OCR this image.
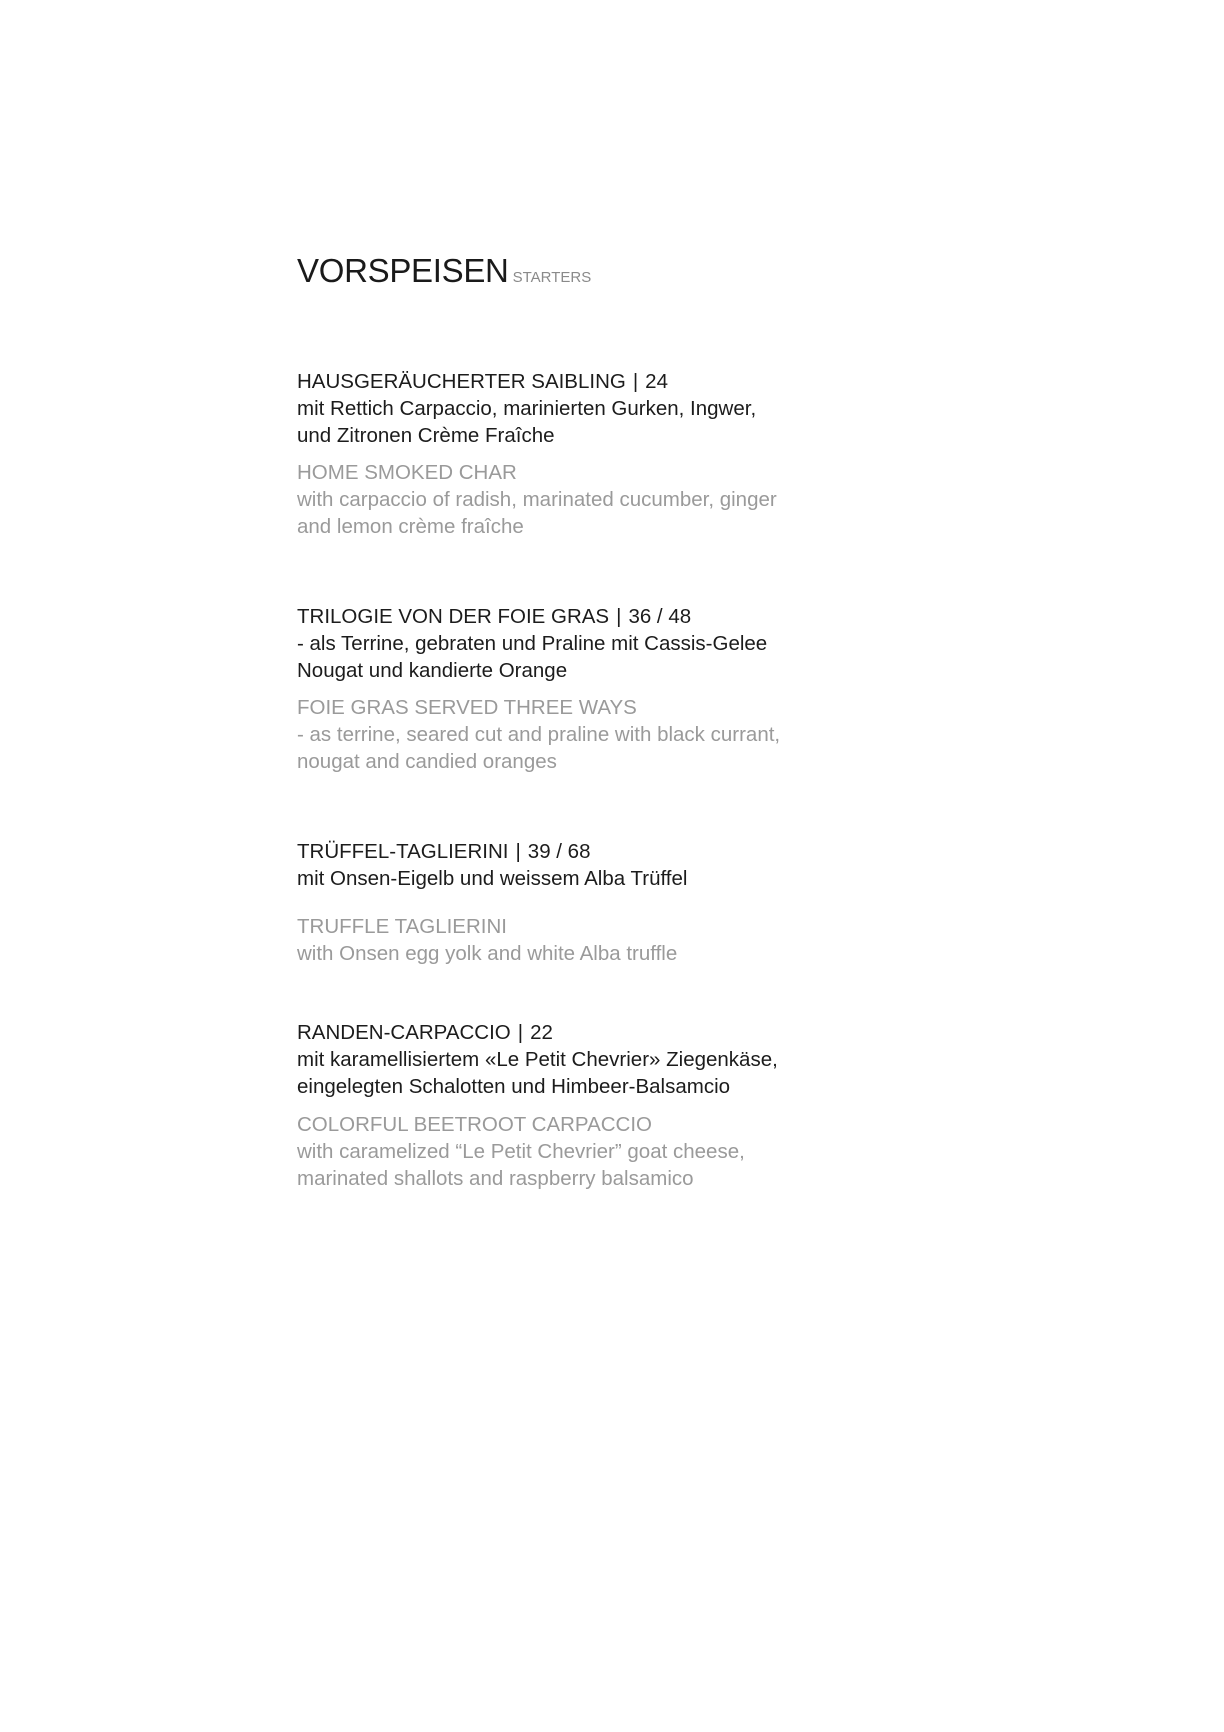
VORSPEISEN STARTERS
HAUSGERÄUCHERTER SAIBLING | 24
mit Rettich Carpaccio, marinierten Gurken, Ingwer,
und Zitronen Crème Fraîche
HOME SMOKED CHAR
with carpaccio of radish, marinated cucumber, ginger
and lemon crème fraîche
TRILOGIE VON DER FOIE GRAS | 36 / 48
- als Terrine, gebraten und Praline mit Cassis-Gelee
Nougat und kandierte Orange
FOIE GRAS SERVED THREE WAYS
- as terrine, seared cut and praline with black currant,
nougat and candied oranges
TRÜFFEL-TAGLIERINI | 39 / 68
mit Onsen-Eigelb und weissem Alba Trüffel
TRUFFLE TAGLIERINI
with Onsen egg yolk and white Alba truffle
RANDEN-CARPACCIO | 22
mit karamellisiertem «Le Petit Chevrier» Ziegenkäse,
eingelegten Schalotten und Himbeer-Balsamcio
COLORFUL BEETROOT CARPACCIO
with caramelized “Le Petit Chevrier” goat cheese,
marinated shallots and raspberry balsamico
